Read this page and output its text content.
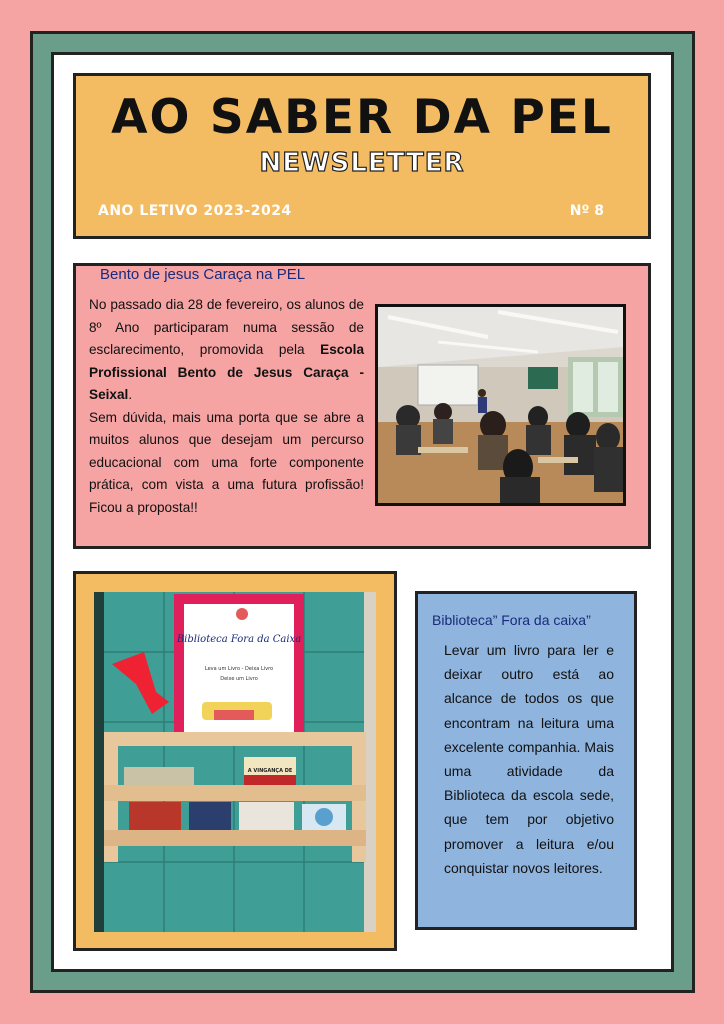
AO SABER DA PEL
NEWSLETTER
ANO LETIVO 2023-2024	Nº 8
Bento de jesus Caraça na PEL
No passado dia 28 de fevereiro, os alunos de 8º Ano participaram numa sessão de esclarecimento, promovida pela Escola Profissional Bento de Jesus Caraça - Seixal.
Sem dúvida, mais uma porta que se abre a muitos alunos que desejam um percurso educacional com uma forte componente prática, com vista a uma futura profissão! Ficou a proposta!!
Biblioteca Fora da Caixa
Leva um Livro - Deixa Livro
Deixe um Livro
A VINGANÇA DE
Biblioteca” Fora da caixa”
Levar um livro para ler e deixar outro está ao alcance de todos os que encontram na leitura uma excelente companhia. Mais uma atividade da Biblioteca da escola sede, que tem por objetivo promover a leitura e/ou conquistar novos leitores.
